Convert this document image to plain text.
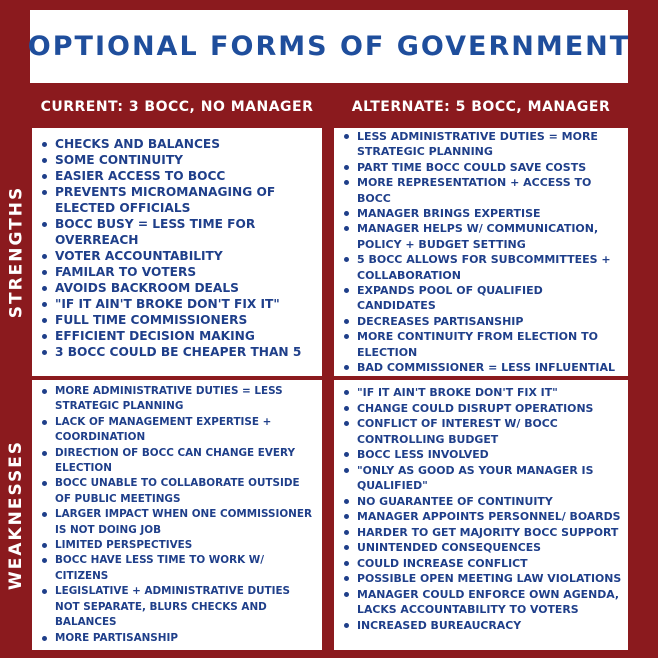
OPTIONAL FORMS OF GOVERNMENT
CURRENT: 3 BOCC, NO MANAGER	ALTERNATE: 5 BOCC, MANAGER
STRENGTHS
WEAKNESSES
CHECKS AND BALANCES
SOME CONTINUITY
EASIER ACCESS TO BOCC
PREVENTS MICROMANAGING OF ELECTED OFFICIALS
BOCC BUSY = LESS TIME FOR OVERREACH
VOTER ACCOUNTABILITY
FAMILAR TO VOTERS
AVOIDS BACKROOM DEALS
"IF IT AIN'T BROKE DON'T FIX IT"
FULL TIME COMMISSIONERS
EFFICIENT DECISION MAKING
3 BOCC COULD BE CHEAPER THAN 5
LESS ADMINISTRATIVE DUTIES = MORE STRATEGIC PLANNING
PART TIME BOCC COULD SAVE COSTS
MORE REPRESENTATION + ACCESS TO BOCC
MANAGER BRINGS EXPERTISE
MANAGER HELPS W/ COMMUNICATION, POLICY + BUDGET SETTING
5 BOCC ALLOWS FOR SUBCOMMITTEES + COLLABORATION
EXPANDS POOL OF QUALIFIED CANDIDATES
DECREASES PARTISANSHIP
MORE CONTINUITY FROM ELECTION TO ELECTION
BAD COMMISSIONER = LESS INFLUENTIAL
MORE ADMINISTRATIVE DUTIES = LESS STRATEGIC PLANNING
LACK OF MANAGEMENT EXPERTISE + COORDINATION
DIRECTION OF BOCC CAN CHANGE EVERY ELECTION
BOCC UNABLE TO COLLABORATE OUTSIDE OF PUBLIC MEETINGS
LARGER IMPACT WHEN ONE COMMISSIONER IS NOT DOING JOB
LIMITED PERSPECTIVES
BOCC HAVE LESS TIME TO WORK W/ CITIZENS
LEGISLATIVE + ADMINISTRATIVE DUTIES NOT SEPARATE, BLURS CHECKS AND BALANCES
MORE PARTISANSHIP
"IF IT AIN'T BROKE DON'T FIX IT"
CHANGE COULD DISRUPT OPERATIONS
CONFLICT OF INTEREST W/ BOCC CONTROLLING BUDGET
BOCC LESS INVOLVED
"ONLY AS GOOD AS YOUR MANAGER IS QUALIFIED"
NO GUARANTEE OF CONTINUITY
MANAGER APPOINTS PERSONNEL/ BOARDS
HARDER TO GET MAJORITY BOCC SUPPORT
UNINTENDED CONSEQUENCES
COULD INCREASE CONFLICT
POSSIBLE OPEN MEETING LAW VIOLATIONS
MANAGER COULD ENFORCE OWN AGENDA, LACKS ACCOUNTABILITY TO VOTERS
INCREASED BUREAUCRACY
